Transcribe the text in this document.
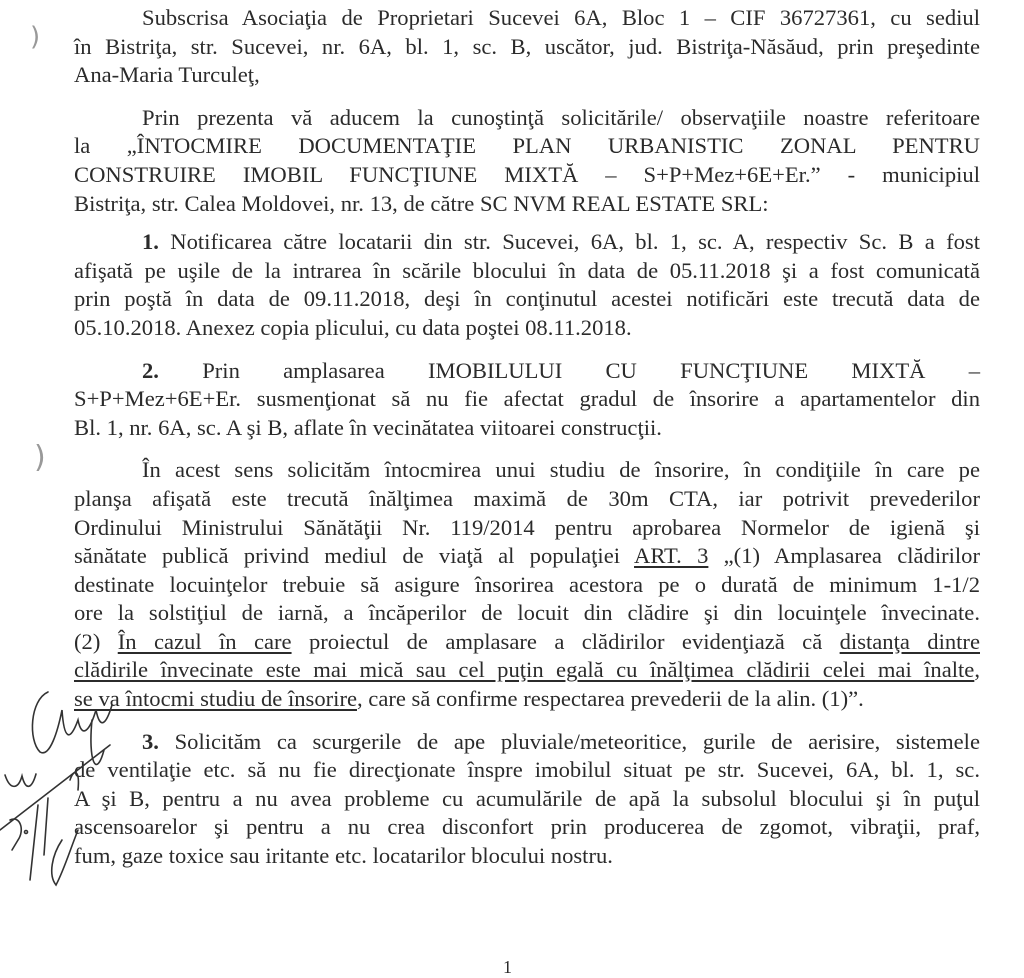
)
)
Subscrisa Asociaţia de Proprietari Sucevei 6A, Bloc 1 – CIF 36727361, cu sediul
în Bistriţa, str. Sucevei, nr. 6A, bl. 1, sc. B, uscător, jud. Bistriţa-Năsăud, prin preşedinte
Ana-Maria Turculeţ,
Prin prezenta vă aducem la cunoştinţă solicitările/ observaţiile noastre referitoare
la „ÎNTOCMIRE DOCUMENTAŢIE PLAN URBANISTIC ZONAL PENTRU
CONSTRUIRE IMOBIL FUNCŢIUNE MIXTĂ – S+P+Mez+6E+Er.” - municipiul
Bistriţa, str. Calea Moldovei, nr. 13, de către SC NVM REAL ESTATE SRL:
1. Notificarea către locatarii din str. Sucevei, 6A, bl. 1, sc. A, respectiv Sc. B a fost
afişată pe uşile de la intrarea în scările blocului în data de 05.11.2018 şi a fost comunicată
prin poştă în data de 09.11.2018, deşi în conţinutul acestei notificări este trecută data de
05.10.2018. Anexez copia plicului, cu data poştei 08.11.2018.
2. Prin amplasarea IMOBILULUI CU FUNCŢIUNE MIXTĂ –
S+P+Mez+6E+Er. susmenţionat să nu fie afectat gradul de însorire a apartamentelor din
Bl. 1, nr. 6A, sc. A şi B, aflate în vecinătatea viitoarei construcţii.
În acest sens solicităm întocmirea unui studiu de însorire, în condiţiile în care pe
planşa afişată este trecută înălţimea maximă de 30m CTA, iar potrivit prevederilor
Ordinului Ministrului Sănătăţii Nr. 119/2014 pentru aprobarea Normelor de igienă şi
sănătate publică privind mediul de viaţă al populaţiei ART. 3 „(1) Amplasarea clădirilor
destinate locuinţelor trebuie să asigure însorirea acestora pe o durată de minimum 1-1/2
ore la solstiţiul de iarnă, a încăperilor de locuit din clădire şi din locuinţele învecinate.
(2) În cazul în care proiectul de amplasare a clădirilor evidenţiază că distanţa dintre
clădirile învecinate este mai mică sau cel puţin egală cu înălţimea clădirii celei mai înalte,
se va întocmi studiu de însorire, care să confirme respectarea prevederii de la alin. (1)”.
3. Solicităm ca scurgerile de ape pluviale/meteoritice, gurile de aerisire, sistemele
de ventilaţie etc. să nu fie direcţionate înspre imobilul situat pe str. Sucevei, 6A, bl. 1, sc.
A şi B, pentru a nu avea probleme cu acumulările de apă la subsolul blocului şi în puţul
ascensoarelor şi pentru a nu crea disconfort prin producerea de zgomot, vibraţii, praf,
fum, gaze toxice sau iritante etc. locatarilor blocului nostru.
1
